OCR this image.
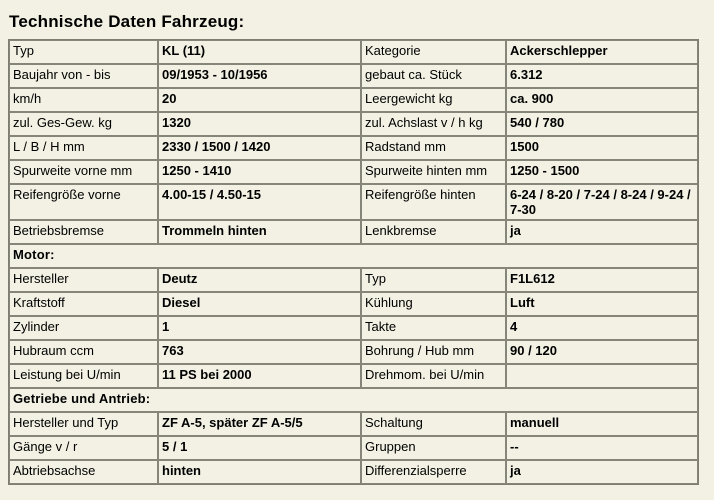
Technische Daten Fahrzeug:
Typ	KL (11)	Kategorie	Ackerschlepper
Baujahr von - bis	09/1953 - 10/1956	gebaut ca. Stück	6.312
km/h	20	Leergewicht kg	ca. 900
zul. Ges-Gew. kg	1320	zul. Achslast v / h kg	540 / 780
L / B / H mm	2330 / 1500 / 1420	Radstand mm	1500
Spurweite vorne mm	1250 - 1410	Spurweite hinten mm	1250 - 1500
Reifengröße vorne	4.00-15 / 4.50-15	Reifengröße hinten	6-24 / 8-20 / 7-24 / 8-24 / 9-24 / 7-30
Betriebsbremse	Trommeln hinten	Lenkbremse	ja
Motor:			
Hersteller	Deutz	Typ	F1L612
Kraftstoff	Diesel	Kühlung	Luft
Zylinder	1	Takte	4
Hubraum ccm	763	Bohrung / Hub mm	90 / 120
Leistung bei U/min	11 PS bei 2000	Drehmom. bei U/min	
Getriebe und Antrieb:			
Hersteller und Typ	ZF A-5, später ZF A-5/5	Schaltung	manuell
Gänge v / r	5 / 1	Gruppen	--
Abtriebsachse	hinten	Differenzialsperre	ja
